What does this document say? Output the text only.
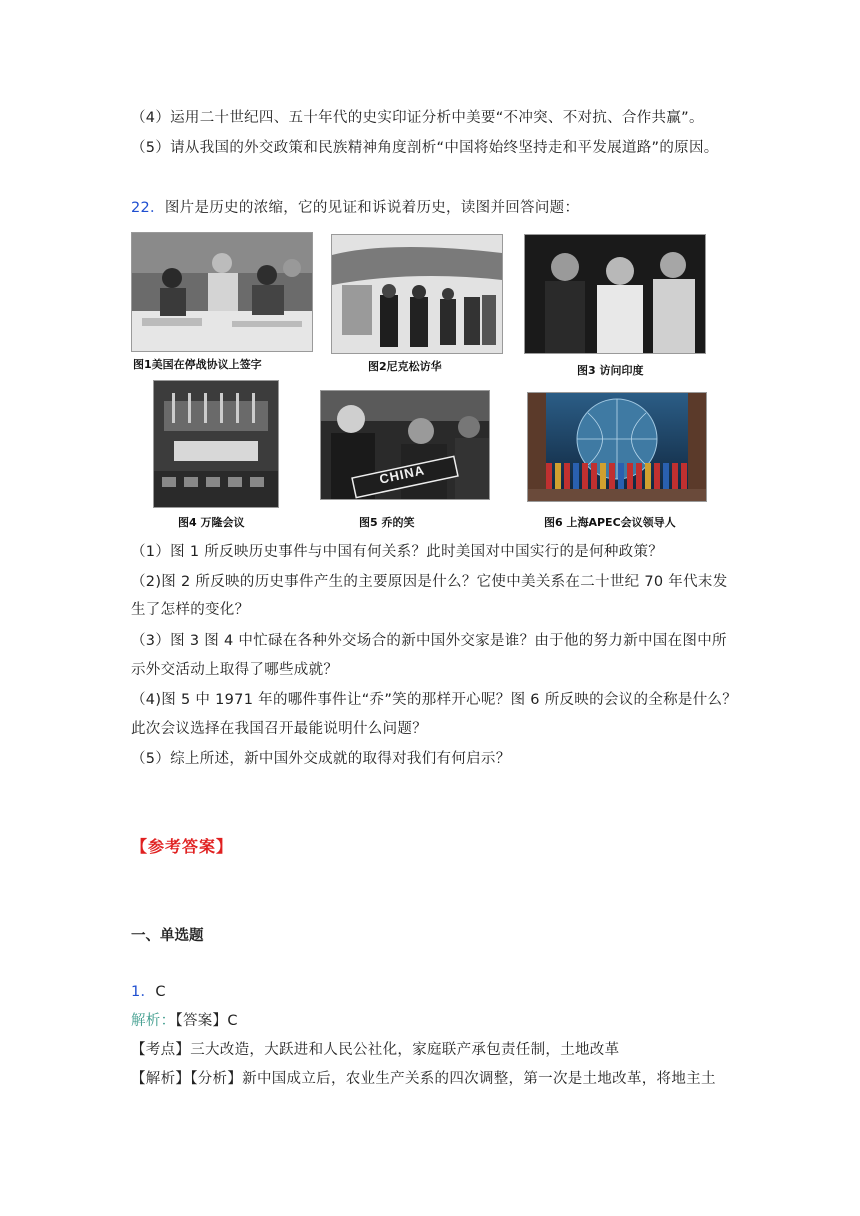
（4）运用二十世纪四、五十年代的史实印证分析中美要“不冲突、不对抗、合作共赢”。
（5）请从我国的外交政策和民族精神角度剖析“中国将始终坚持走和平发展道路”的原因。
22．图片是历史的浓缩，它的见证和诉说着历史，读图并回答问题：
图1美国在停战协议上签字	图2尼克松访华	图3 访问印度
图4 万隆会议
CHINA
图5 乔的笑	图6 上海APEC会议领导人
（1）图 1 所反映历史事件与中国有何关系？此时美国对中国实行的是何种政策？
（2)图 2 所反映的历史事件产生的主要原因是什么？它使中美关系在二十世纪 70 年代末发
生了怎样的变化？
（3）图 3 图 4 中忙碌在各种外交场合的新中国外交家是谁？由于他的努力新中国在图中所
示外交活动上取得了哪些成就？
（4)图 5 中 1971 年的哪件事件让“乔”笑的那样开心呢？图 6 所反映的会议的全称是什么？
此次会议选择在我国召开最能说明什么问题？
（5）综上所述，新中国外交成就的取得对我们有何启示？
【参考答案】
一、单选题
1．C
解析：【答案】C
【考点】三大改造，大跃进和人民公社化，家庭联产承包责任制，土地改革
【解析】【分析】新中国成立后，农业生产关系的四次调整，第一次是土地改革，将地主土
